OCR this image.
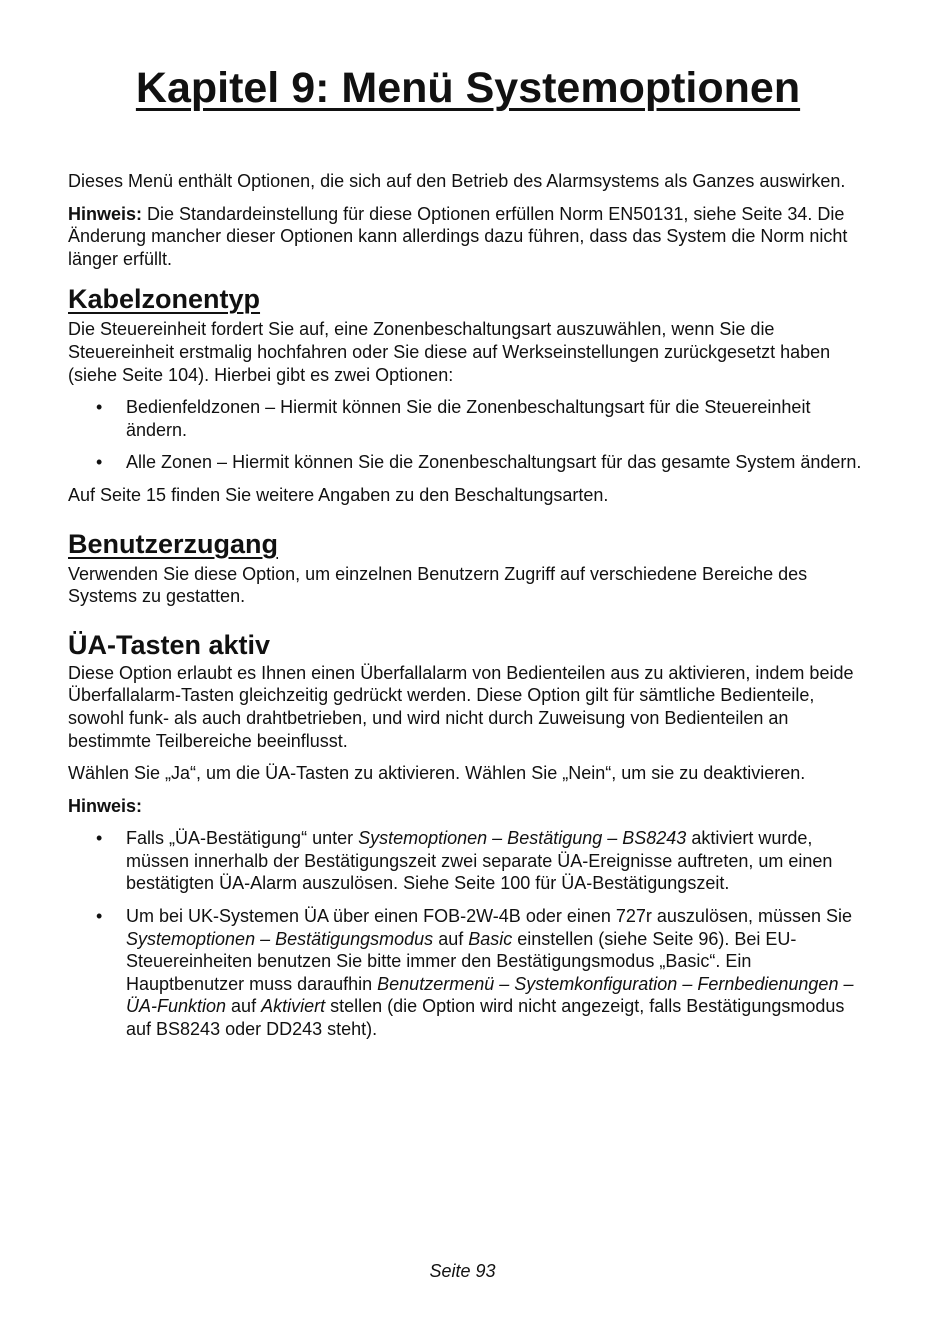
Kapitel 9: Menü Systemoptionen

Dieses Menü enthält Optionen, die sich auf den Betrieb des Alarmsystems als Ganzes auswirken.

Hinweis: Die Standardeinstellung für diese Optionen erfüllen Norm EN50131, siehe Seite 34. Die Änderung mancher dieser Optionen kann allerdings dazu führen, dass das System die Norm nicht länger erfüllt.

Kabelzonentyp

Die Steuereinheit fordert Sie auf, eine Zonenbeschaltungsart auszuwählen, wenn Sie die Steuereinheit erstmalig hochfahren oder Sie diese auf Werkseinstellungen zurückgesetzt haben (siehe Seite 104). Hierbei gibt es zwei Optionen:

• Bedienfeldzonen – Hiermit können Sie die Zonenbeschaltungsart für die Steuereinheit ändern.
• Alle Zonen – Hiermit können Sie die Zonenbeschaltungsart für das gesamte System ändern.

Auf Seite 15 finden Sie weitere Angaben zu den Beschaltungsarten.

Benutzerzugang

Verwenden Sie diese Option, um einzelnen Benutzern Zugriff auf verschiedene Bereiche des Systems zu gestatten.

ÜA-Tasten aktiv

Diese Option erlaubt es Ihnen einen Überfallalarm von Bedienteilen aus zu aktivieren, indem beide Überfallalarm-Tasten gleichzeitig gedrückt werden. Diese Option gilt für sämtliche Bedienteile, sowohl funk- als auch drahtbetrieben, und wird nicht durch Zuweisung von Bedienteilen an bestimmte Teilbereiche beeinflusst.

Wählen Sie „Ja“, um die ÜA-Tasten zu aktivieren. Wählen Sie „Nein“, um sie zu deaktivieren.

Hinweis:

• Falls „ÜA-Bestätigung“ unter Systemoptionen – Bestätigung – BS8243 aktiviert wurde, müssen innerhalb der Bestätigungszeit zwei separate ÜA-Ereignisse auftreten, um einen bestätigten ÜA-Alarm auszulösen. Siehe Seite 100 für ÜA-Bestätigungszeit.
• Um bei UK-Systemen ÜA über einen FOB-2W-4B oder einen 727r auszulösen, müssen Sie Systemoptionen – Bestätigungsmodus auf Basic einstellen (siehe Seite 96). Bei EU-Steuereinheiten benutzen Sie bitte immer den Bestätigungsmodus „Basic“. Ein Hauptbenutzer muss daraufhin Benutzermenü – Systemkonfiguration – Fernbedienungen – ÜA-Funktion auf Aktiviert stellen (die Option wird nicht angezeigt, falls Bestätigungsmodus auf BS8243 oder DD243 steht).
Seite 93
